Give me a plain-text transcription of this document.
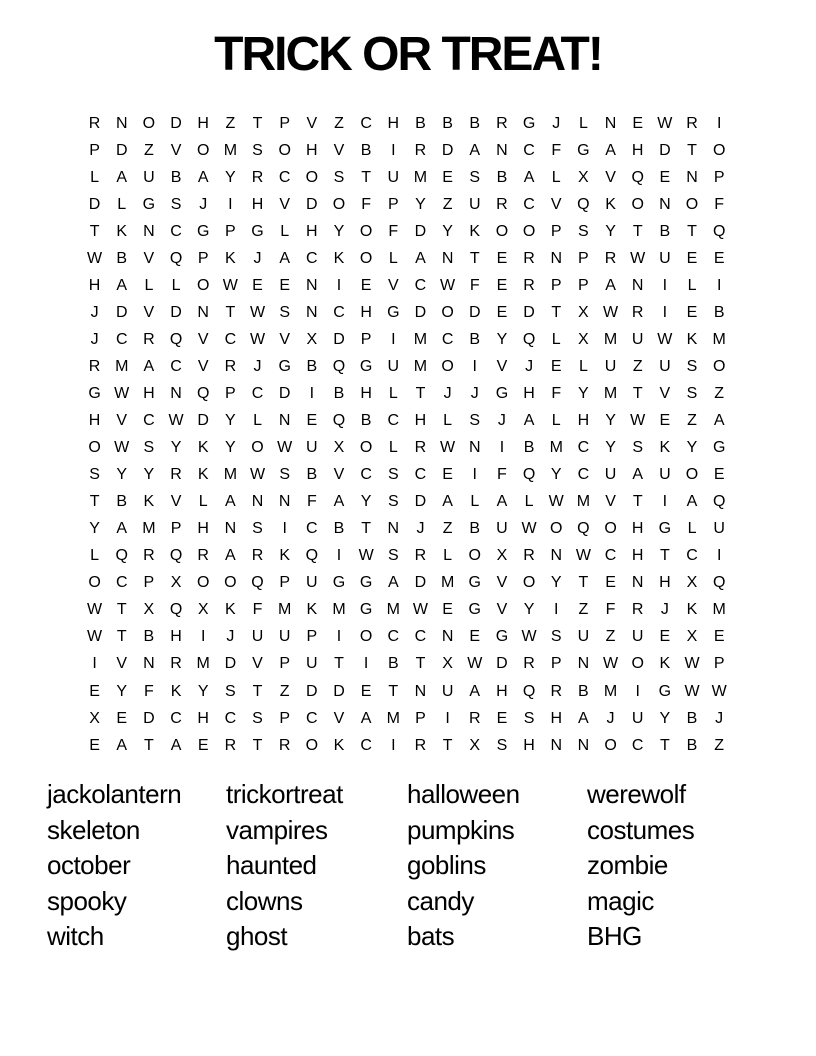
TRICK OR TREAT!
R N O D H	Z	T	P	V	Z	C H	B	B	B	R G	J	L	N	E W R	I
P	D	Z	V O M S O H	V	B	I	R D	A	N C	F	G A	H D	T	O
L	A	U	B	A	Y	R C O S	T	U M E	S	B	A	L	X	V Q E	N	P
D	L	G S	J	I	H	V	D O	F	P	Y	Z	U R C	V Q K O N O	F
T	K	N C G P G	L	H	Y O	F	D	Y	K O O P	S	Y	T	B	T	Q
W B	V Q P	K	J	A	C	K O	L	A	N	T	E	R N	P	R W U	E	E
H	A	L	L	O W E	E	N	I	E	V	C W F	E	R	P	P	A	N	I	L	I
J	D	V	D N	T W S	N C H G D O D	E	D	T	X W R	I	E	B
J	C R Q V	C W V	X	D	P	I	M C	B	Y Q	L	X M U W K M
R M A	C	V	R	J	G B Q G U M O	I	V	J	E	L	U	Z	U	S O
G W H N Q P	C D	I	B	H	L	T	J	J	G H	F	Y M T	V	S	Z
H	V	C W D	Y	L	N	E Q B	C H	L	S	J	A	L	H	Y W E	Z	A
O W S	Y	K	Y O W U	X O	L	R W N	I	B M C	Y	S	K	Y G
S	Y	Y	R	K M W S	B	V	C	S	C	E	I	F	Q Y	C U	A	U O E
T	B	K	V	L	A	N N	F	A	Y	S	D	A	L	A	L W M V	T	I	A Q
Y	A M P	H N	S	I	C	B	T	N	J	Z	B	U W O Q O H G	L	U
L	Q R Q R	A	R	K Q	I	W S	R	L	O X	R N W C H	T	C	I
O C	P	X O O Q P	U G G A	D M G V O Y	T	E	N H	X Q
W T	X Q X	K	F M K M G M W E G V	Y	I	Z	F	R	J	K M
W T	B	H	I	J	U U	P	I	O C C N	E G W S	U	Z	U	E	X	E
I	V	N R M D	V	P	U	T	I	B	T	X W D R	P	N W O K W P
E	Y	F	K	Y	S	T	Z	D D	E	T	N U	A	H Q R	B M	I	G W W
X	E	D C H C	S	P	C	V	A M P	I	R	E	S	H	A	J	U	Y	B	J
E	A	T	A	E	R	T	R O K	C	I	R	T	X	S	H N N O C	T	B	Z
jackolantern
skeleton
october
spooky
witch
trickortreat
vampires
haunted
clowns
ghost
halloween
pumpkins
goblins
candy
bats
werewolf
costumes
zombie
magic
BHG
